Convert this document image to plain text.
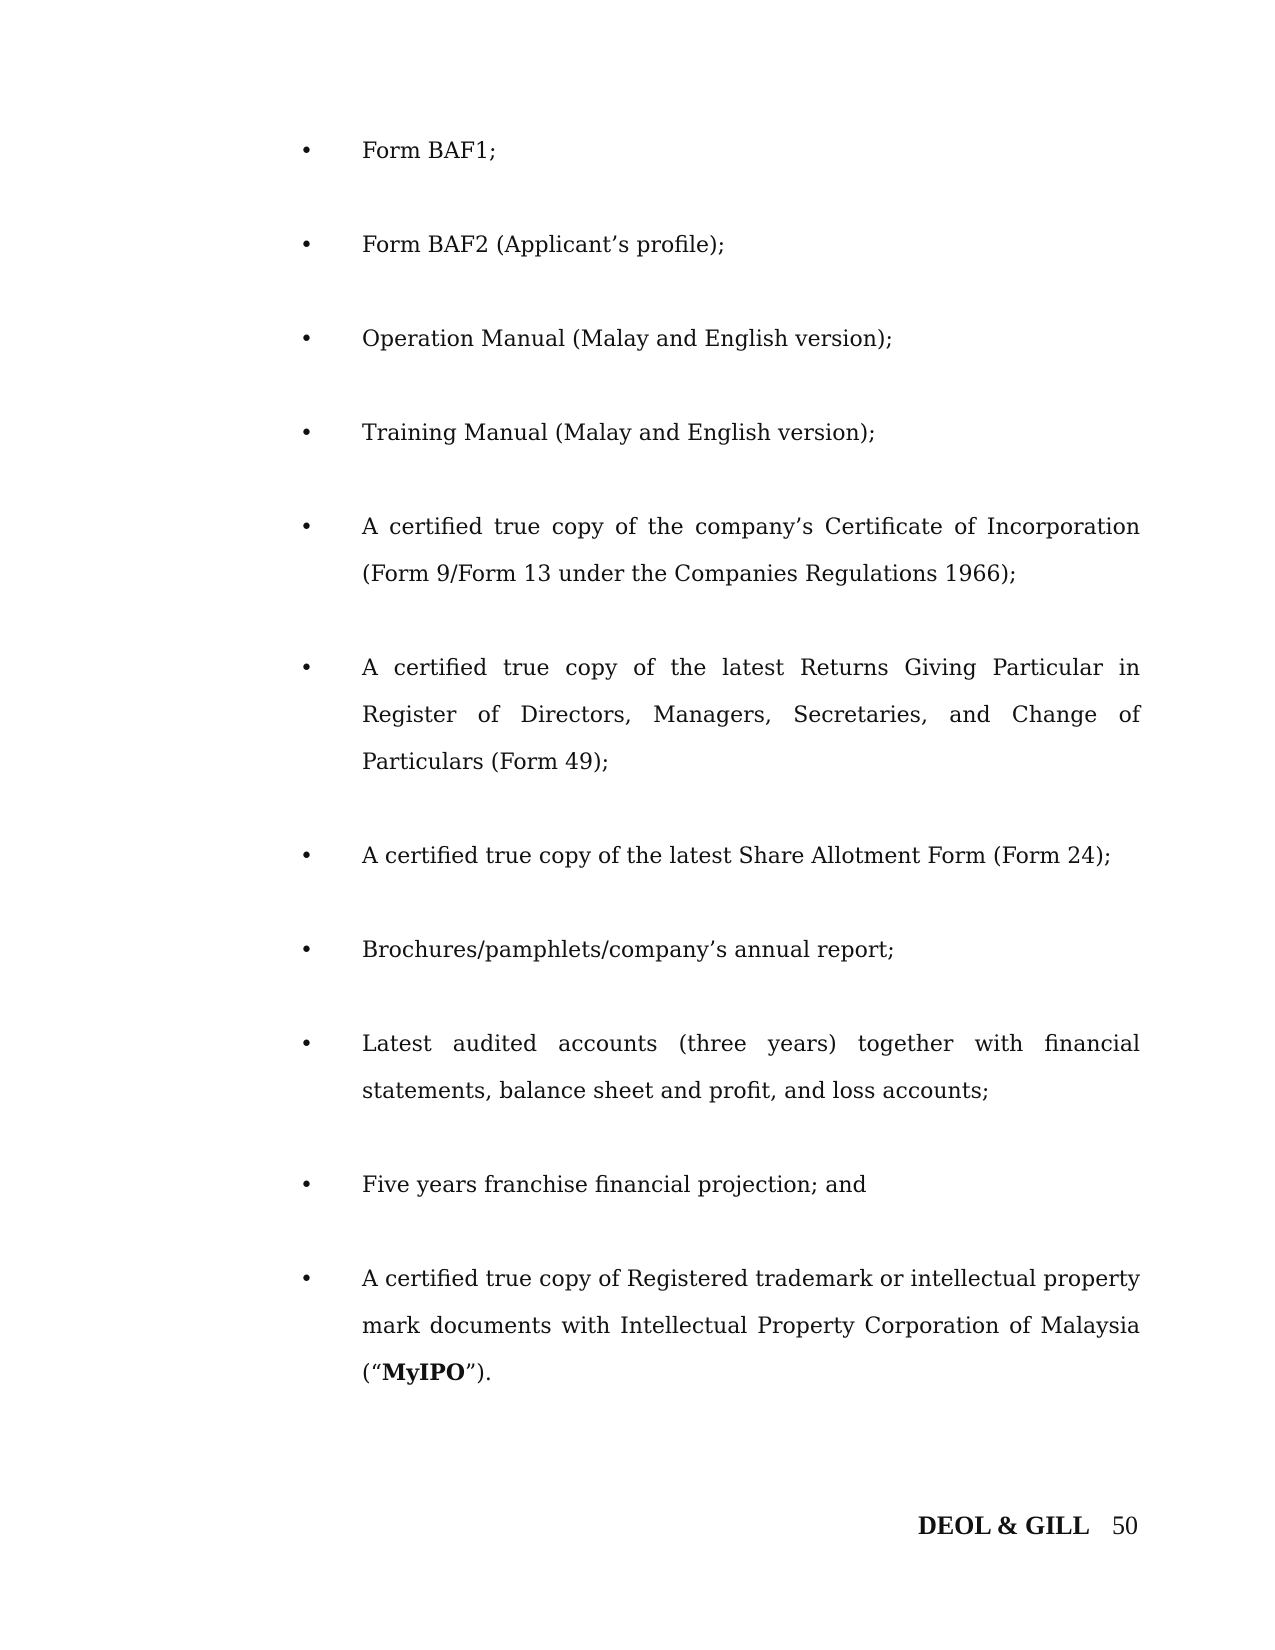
• Form BAF1;
• Form BAF2 (Applicant’s profile);
• Operation Manual (Malay and English version);
• Training Manual (Malay and English version);
• A certified true copy of the company’s Certificate of Incorporation (Form 9/Form 13 under the Companies Regulations 1966);
• A certified true copy of the latest Returns Giving Particular in Register of Directors, Managers, Secretaries, and Change of Particulars (Form 49);
• A certified true copy of the latest Share Allotment Form (Form 24);
• Brochures/pamphlets/company’s annual report;
• Latest audited accounts (three years) together with financial statements, balance sheet and profit, and loss accounts;
• Five years franchise financial projection; and
• A certified true copy of Registered trademark or intellectual property mark documents with Intellectual Property Corporation of Malaysia (“MyIPO”).
DEOL & GILL 50
